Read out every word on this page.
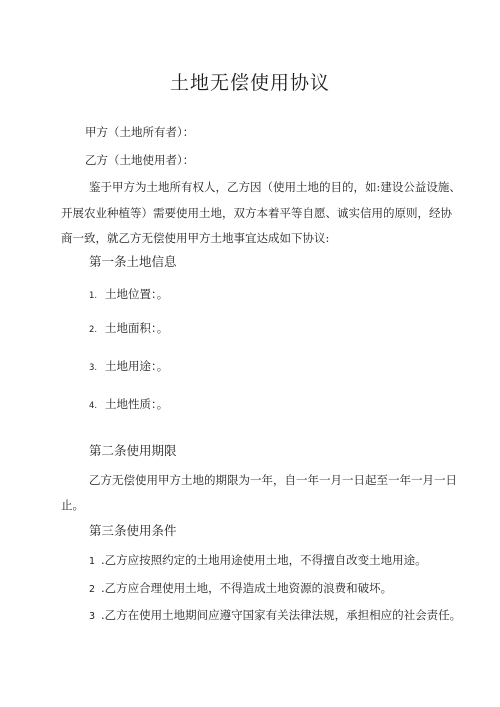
土地无偿使用协议
甲方（土地所有者）：
乙方（土地使用者）：
鉴于甲方为土地所有权人，乙方因（使用土地的目的，如:建设公益设施、
开展农业种植等）需要使用土地，双方本着平等自愿、诚实信用的原则，经协
商一致，就乙方无偿使用甲方土地事宜达成如下协议:
第一条土地信息
1. 土地位置：。
2. 土地面积：。
3. 土地用途：。
4. 土地性质：。
第二条使用期限
乙方无偿使用甲方土地的期限为一年，自一年一月一日起至一年一月一日
止。
第三条使用条件
1 .乙方应按照约定的土地用途使用土地，不得擅自改变土地用途。
2 .乙方应合理使用土地，不得造成土地资源的浪费和破坏。
3 .乙方在使用土地期间应遵守国家有关法律法规，承担相应的社会责任。
